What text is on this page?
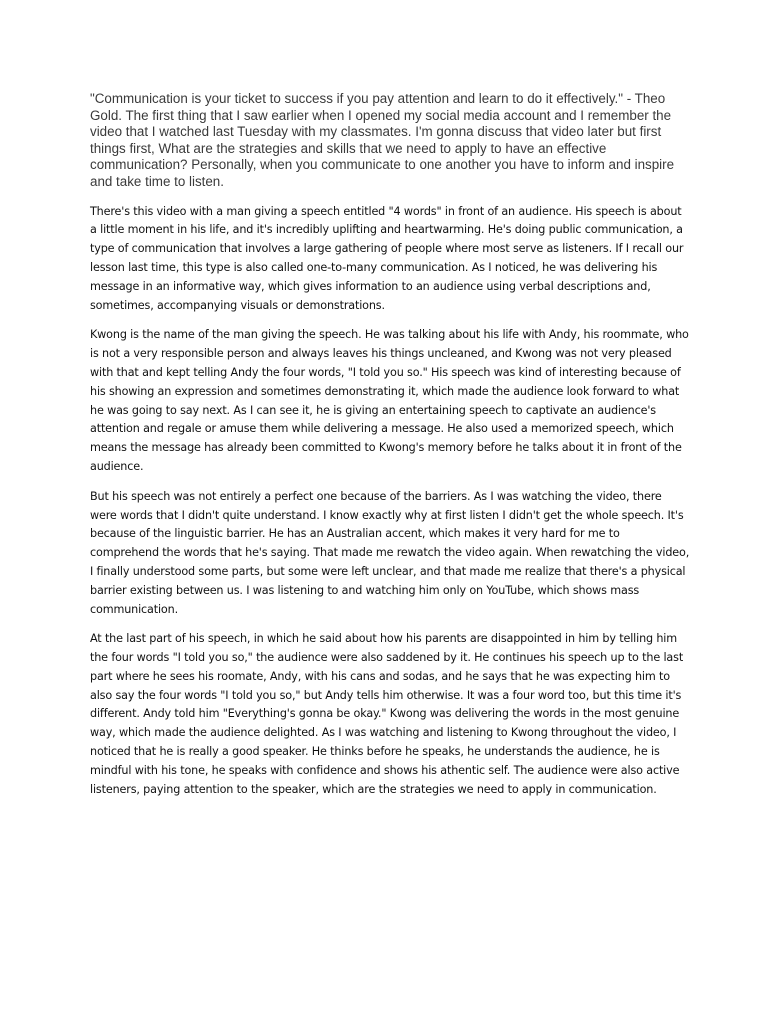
"Communication is your ticket to success if you pay attention and learn to do it effectively." - Theo Gold. The first thing that I saw earlier when I opened my social media account and I remember the video that I watched last Tuesday with my classmates. I'm gonna discuss that video later but first things first, What are the strategies and skills that we need to apply to have an effective communication? Personally, when you communicate to one another you have to inform and inspire and take time to listen.

There's this video with a man giving a speech entitled "4 words" in front of an audience. His speech is about a little moment in his life, and it's incredibly uplifting and heartwarming. He's doing public communication, a type of communication that involves a large gathering of people where most serve as listeners. If I recall our lesson last time, this type is also called one-to-many communication. As I noticed, he was delivering his message in an informative way, which gives information to an audience using verbal descriptions and, sometimes, accompanying visuals or demonstrations.

Kwong is the name of the man giving the speech. He was talking about his life with Andy, his roommate, who is not a very responsible person and always leaves his things uncleaned, and Kwong was not very pleased with that and kept telling Andy the four words, "I told you so." His speech was kind of interesting because of his showing an expression and sometimes demonstrating it, which made the audience look forward to what he was going to say next. As I can see it, he is giving an entertaining speech to captivate an audience's attention and regale or amuse them while delivering a message. He also used a memorized speech, which means the message has already been committed to Kwong's memory before he talks about it in front of the audience.

But his speech was not entirely a perfect one because of the barriers. As I was watching the video, there were words that I didn't quite understand. I know exactly why at first listen I didn't get the whole speech. It's because of the linguistic barrier. He has an Australian accent, which makes it very hard for me to comprehend the words that he's saying. That made me rewatch the video again. When rewatching the video, I finally understood some parts, but some were left unclear, and that made me realize that there's a physical barrier existing between us. I was listening to and watching him only on YouTube, which shows mass communication.

At the last part of his speech, in which he said about how his parents are disappointed in him by telling him the four words "I told you so," the audience were also saddened by it. He continues his speech up to the last part where he sees his roomate, Andy, with his cans and sodas, and he says that he was expecting him to also say the four words "I told you so," but Andy tells him otherwise. It was a four word too, but this time it's different. Andy told him "Everything's gonna be okay." Kwong was delivering the words in the most genuine way, which made the audience delighted. As I was watching and listening to Kwong throughout the video, I noticed that he is really a good speaker. He thinks before he speaks, he understands the audience, he is mindful with his tone, he speaks with confidence and shows his athentic self. The audience were also active listeners, paying attention to the speaker, which are the strategies we need to apply in communication.
